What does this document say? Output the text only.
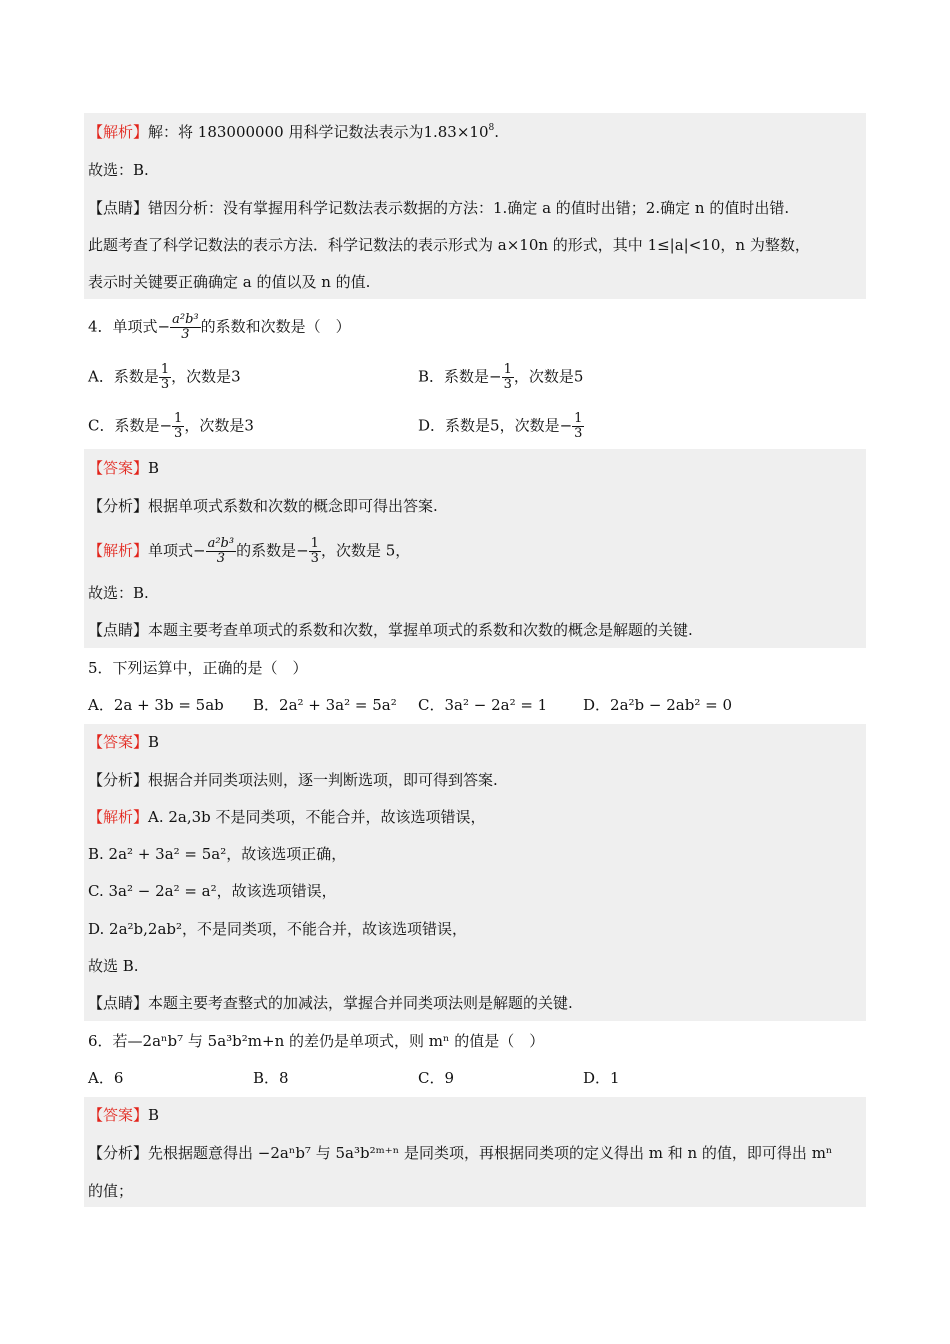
【解析】解：将 183000000 用科学记数法表示为$1.83\times 10^8$.
故选：B.
【点睛】错因分析：没有掌握用科学记数法表示数据的方法：1.确定 a 的值时出错；2.确定 n 的值时出错.
此题考查了科学记数法的表示方法．科学记数法的表示形式为 a×10n 的形式，其中 1≤|a|<10，n 为整数，
表示时关键要正确确定 a 的值以及 n 的值.
4．单项式− $\frac{\text{a²b³}}{3}$ 的系数和次数是（　）
A．系数是 $\frac{1}{3}$ ，次数是3	B．系数是− $\frac{1}{3}$ ，次数是5
C．系数是− $\frac{1}{3}$ ，次数是3	D．系数是5，次数是− $\frac{1}{3}$
【答案】B
【分析】根据单项式系数和次数的概念即可得出答案.
【解析】单项式− $\frac{\text{a²b³}}{3}$ 的系数是− $\frac{1}{3}$ ，次数是 5，
故选：B.
【点睛】本题主要考查单项式的系数和次数，掌握单项式的系数和次数的概念是解题的关键.
5．下列运算中，正确的是（　）
A．2a + 3b = 5ab B．2a² + 3a² = 5a² C．3a² − 2a² = 1 D．2a²b − 2ab² = 0
【答案】B
【分析】根据合并同类项法则，逐一判断选项，即可得到答案.
【解析】A. 2a,3b 不是同类项，不能合并，故该选项错误，
B. 2a² + 3a² = 5a²，故该选项正确，
C. 3a² − 2a² = a²，故该选项错误，
D. 2a²b,2ab²，不是同类项，不能合并，故该选项错误，
故选 B.
【点睛】本题主要考查整式的加减法，掌握合并同类项法则是解题的关键.
6．若—2aⁿb⁷ 与 5a³b²m+n 的差仍是单项式，则 mⁿ 的值是（　）
A．6	B．8	C．9	D．1
【答案】B
【分析】先根据题意得出 −2aⁿb⁷ 与 5a³b²ᵐ⁺ⁿ 是同类项，再根据同类项的定义得出 m 和 n 的值，即可得出 mⁿ
的值；
